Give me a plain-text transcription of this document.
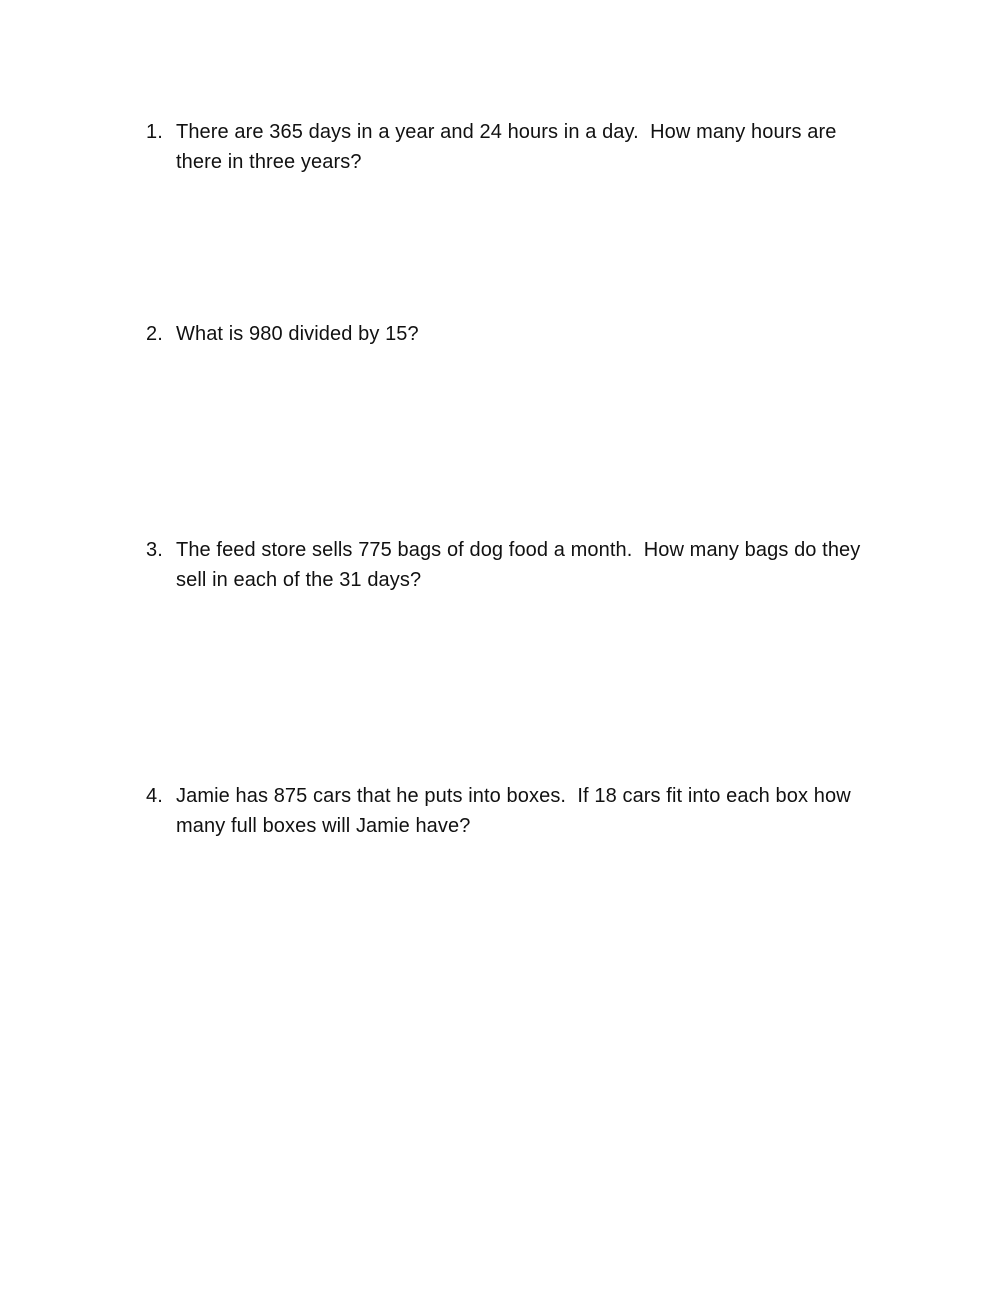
1. There are 365 days in a year and 24 hours in a day.  How many hours are there in three years?
2. What is 980 divided by 15?
3. The feed store sells 775 bags of dog food a month.  How many bags do they sell in each of the 31 days?
4. Jamie has 875 cars that he puts into boxes.  If 18 cars fit into each box how many full boxes will Jamie have?
